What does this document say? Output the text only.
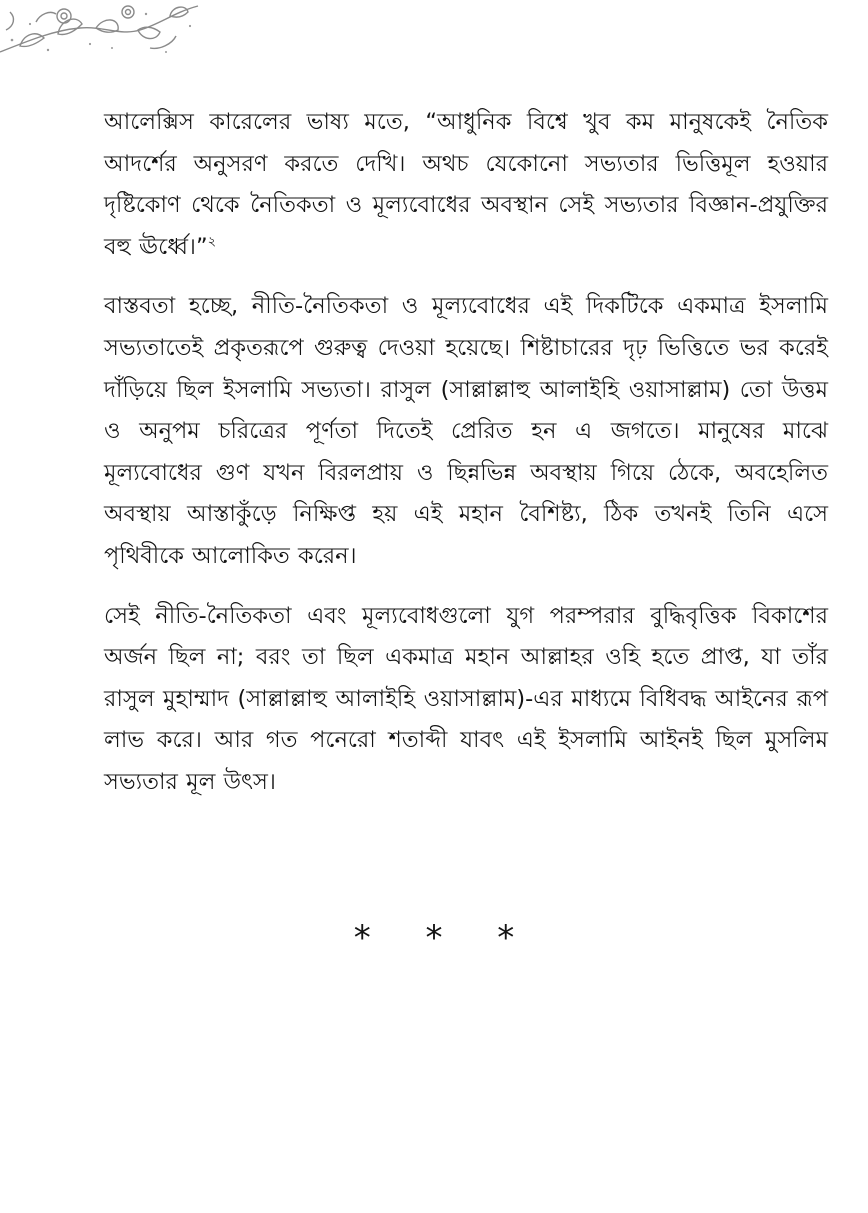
আলেক্সিস কারেলের ভাষ্য মতে, “আধুনিক বিশ্বে খুব কম মানুষকেই নৈতিক আদর্শের অনুসরণ করতে দেখি। অথচ যেকোনো সভ্যতার ভিত্তিমূল হওয়ার দৃষ্টিকোণ থেকে নৈতিকতা ও মূল্যবোধের অবস্থান সেই সভ্যতার বিজ্ঞান-প্রযুক্তির বহু ঊর্ধ্বে।”$^২$

বাস্তবতা হচ্ছে, নীতি-নৈতিকতা ও মূল্যবোধের এই দিকটিকে একমাত্র ইসলামি সভ্যতাতেই প্রকৃতরূপে গুরুত্ব দেওয়া হয়েছে। শিষ্টাচারের দৃঢ় ভিত্তিতে ভর করেই দাঁড়িয়ে ছিল ইসলামি সভ্যতা। রাসুল (সাল্লাল্লাহু আলাইহি ওয়াসাল্লাম) তো উত্তম ও অনুপম চরিত্রের পূর্ণতা দিতেই প্রেরিত হন এ জগতে। মানুষের মাঝে মূল্যবোধের গুণ যখন বিরলপ্রায় ও ছিন্নভিন্ন অবস্থায় গিয়ে ঠেকে, অবহেলিত অবস্থায় আস্তাকুঁড়ে নিক্ষিপ্ত হয় এই মহান বৈশিষ্ট্য, ঠিক তখনই তিনি এসে পৃথিবীকে আলোকিত করেন।

সেই নীতি-নৈতিকতা এবং মূল্যবোধগুলো যুগ পরম্পরার বুদ্ধিবৃত্তিক বিকাশের অর্জন ছিল না; বরং তা ছিল একমাত্র মহান আল্লাহর ওহি হতে প্রাপ্ত, যা তাঁর রাসুল মুহাম্মাদ (সাল্লাল্লাহু আলাইহি ওয়াসাল্লাম)-এর মাধ্যমে বিধিবদ্ধ আইনের রূপ লাভ করে। আর গত পনেরো শতাব্দী যাবৎ এই ইসলামি আইনই ছিল মুসলিম সভ্যতার মূল উৎস।

* * *
